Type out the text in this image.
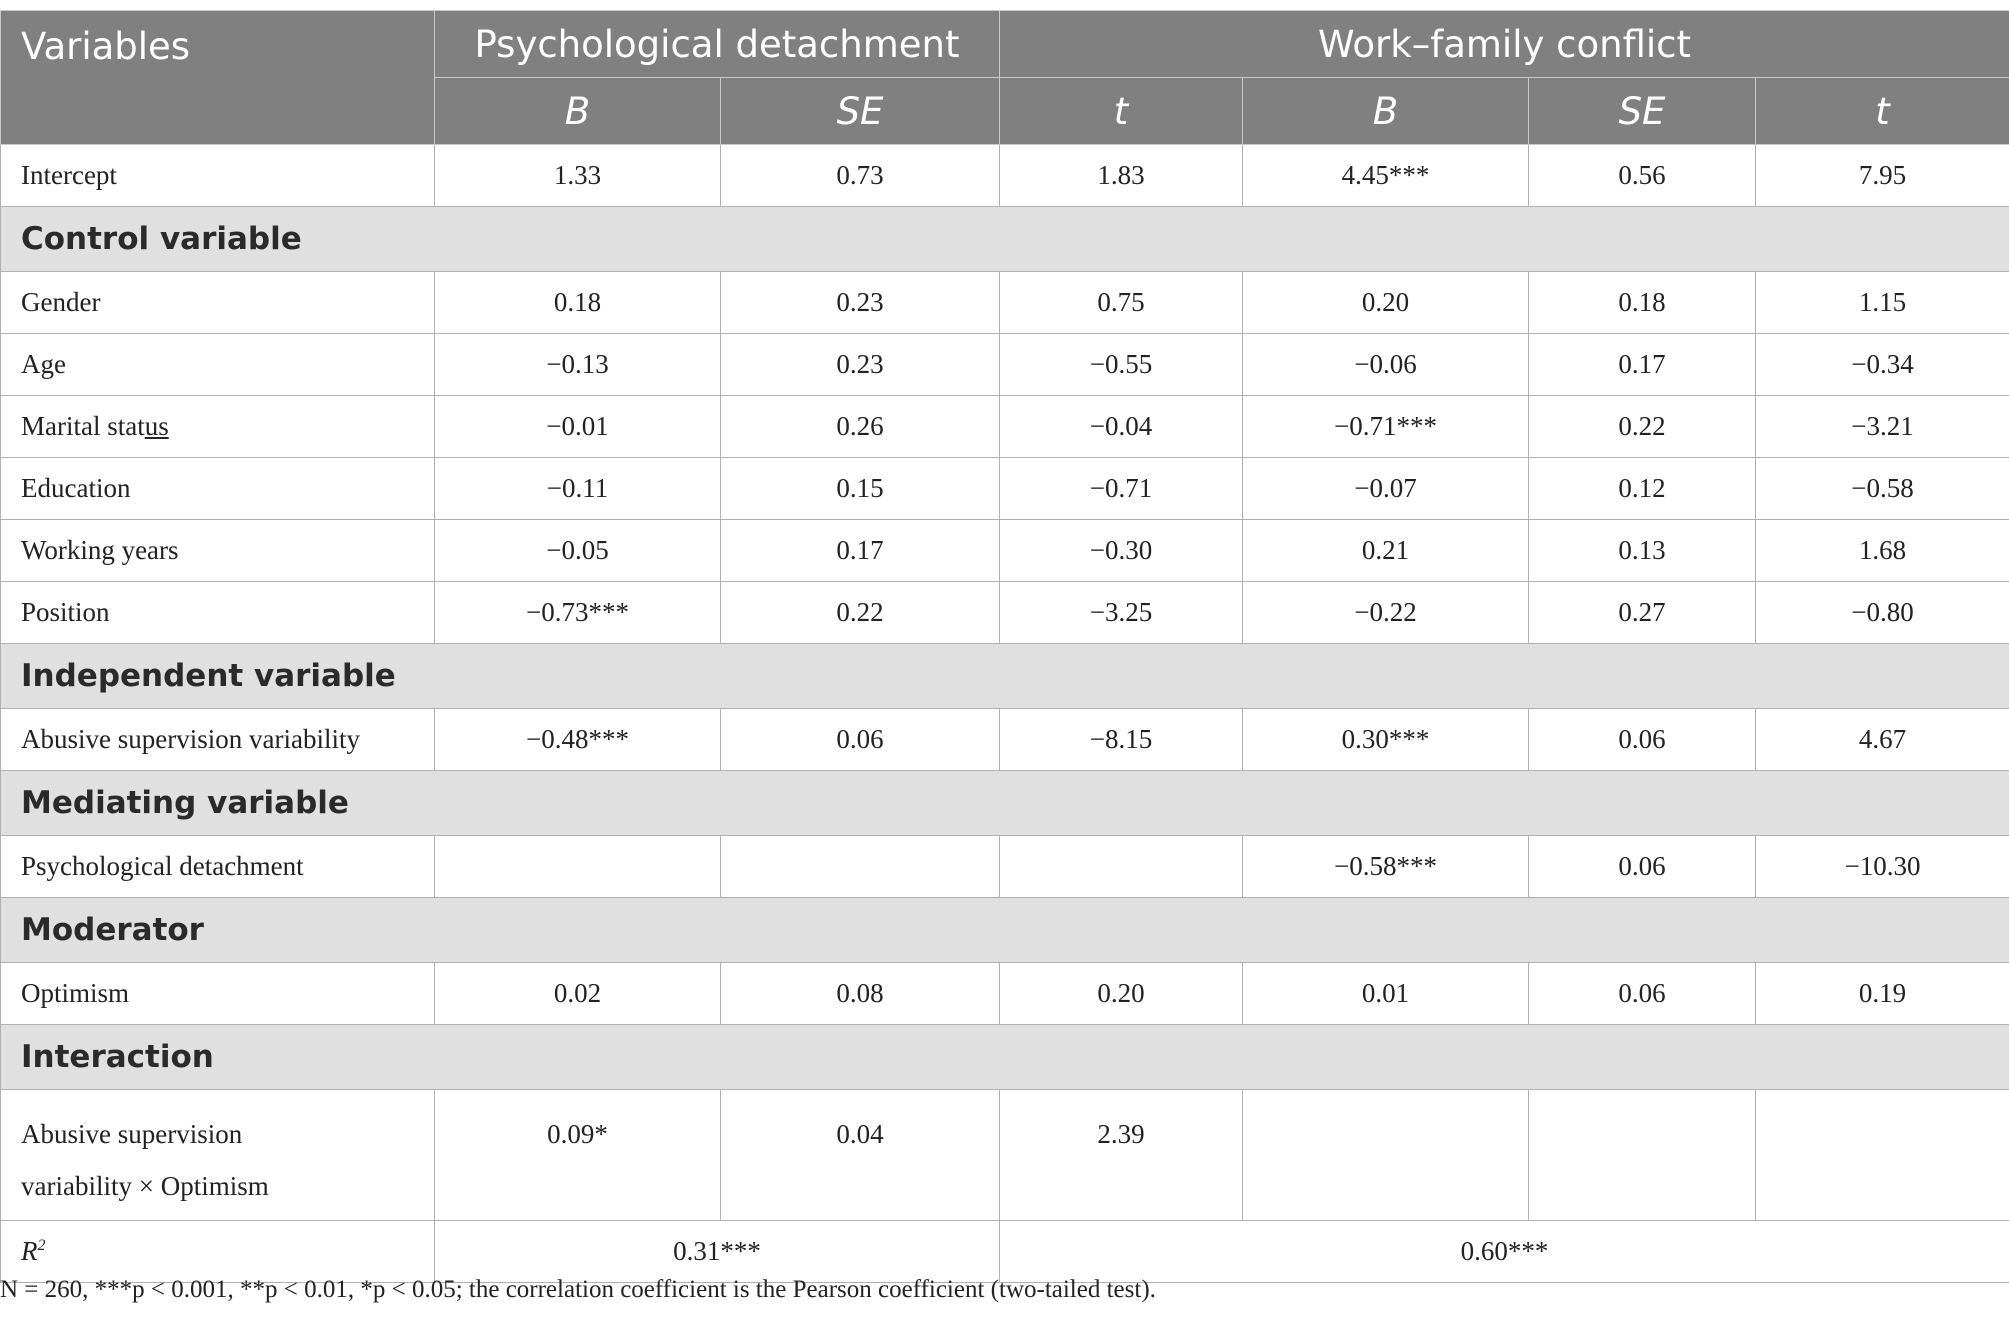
Variables	Psychological detachment		Work–family conflict			
	B	SE	t	B	SE	t
Intercept	1.33	0.73	1.83	4.45***	0.56	7.95
Control variable						
Gender	0.18	0.23	0.75	0.20	0.18	1.15
Age	−0.13	0.23	−0.55	−0.06	0.17	−0.34
Marital status	−0.01	0.26	−0.04	−0.71***	0.22	−3.21
Education	−0.11	0.15	−0.71	−0.07	0.12	−0.58
Working years	−0.05	0.17	−0.30	0.21	0.13	1.68
Position	−0.73***	0.22	−3.25	−0.22	0.27	−0.80
Independent variable						
Abusive supervision variability	−0.48***	0.06	−8.15	0.30***	0.06	4.67
Mediating variable						
Psychological detachment				−0.58***	0.06	−10.30
Moderator						
Optimism	0.02	0.08	0.20	0.01	0.06	0.19
Interaction						
Abusive supervision
variability × Optimism	0.09*	0.04	2.39			
$R^2$	0.31***		0.60***			
N = 260, ***p < 0.001, **p < 0.01, *p < 0.05; the correlation coefficient is the Pearson coefficient (two-tailed test).
